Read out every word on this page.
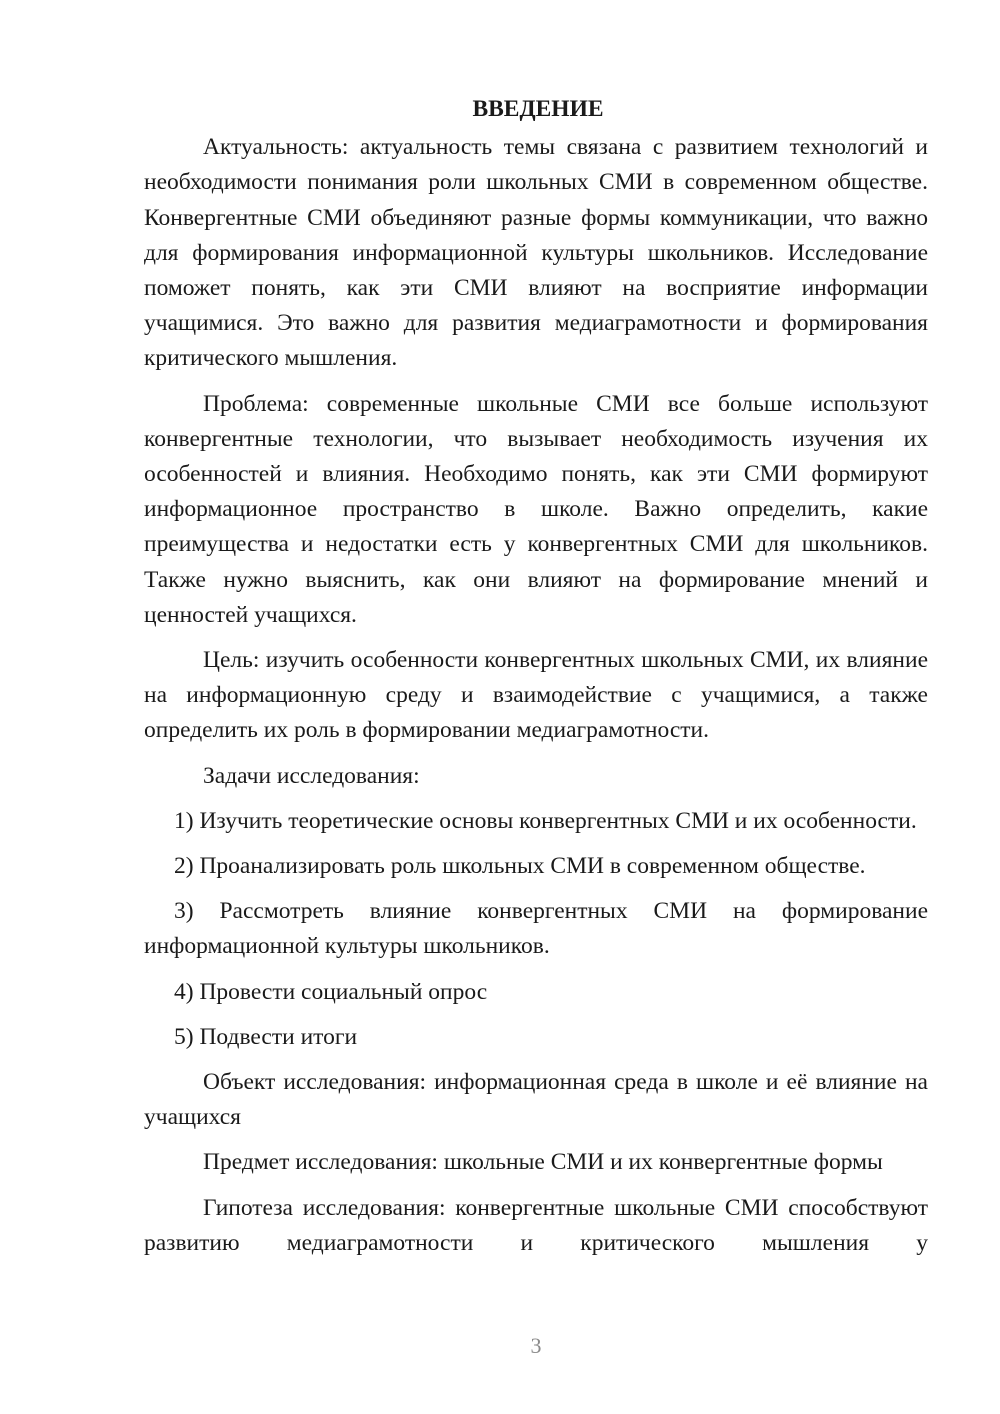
ВВЕДЕНИЕ

Актуальность: актуальность темы связана с развитием технологий и необходимости понимания роли школьных СМИ в современном обществе. Конвергентные СМИ объединяют разные формы коммуникации, что важно для формирования информационной культуры школьников. Исследование поможет понять, как эти СМИ влияют на восприятие информации учащимися. Это важно для развития медиаграмотности и формирования критического мышления.

Проблема: современные школьные СМИ все больше используют конвергентные технологии, что вызывает необходимость изучения их особенностей и влияния. Необходимо понять, как эти СМИ формируют информационное пространство в школе. Важно определить, какие преимущества и недостатки есть у конвергентных СМИ для школьников. Также нужно выяснить, как они влияют на формирование мнений и ценностей учащихся.

Цель: изучить особенности конвергентных школьных СМИ, их влияние на информационную среду и взаимодействие с учащимися, а также определить их роль в формировании медиаграмотности.

Задачи исследования:

1) Изучить теоретические основы конвергентных СМИ и их особенности.

2) Проанализировать роль школьных СМИ в современном обществе.

3) Рассмотреть влияние конвергентных СМИ на формирование информационной культуры школьников.

4) Провести социальный опрос

5) Подвести итоги

Объект исследования: информационная среда в школе и её влияние на учащихся

Предмет исследования: школьные СМИ и их конвергентные формы

Гипотеза исследования: конвергентные школьные СМИ способствуют развитию медиаграмотности и критического мышления у

3
